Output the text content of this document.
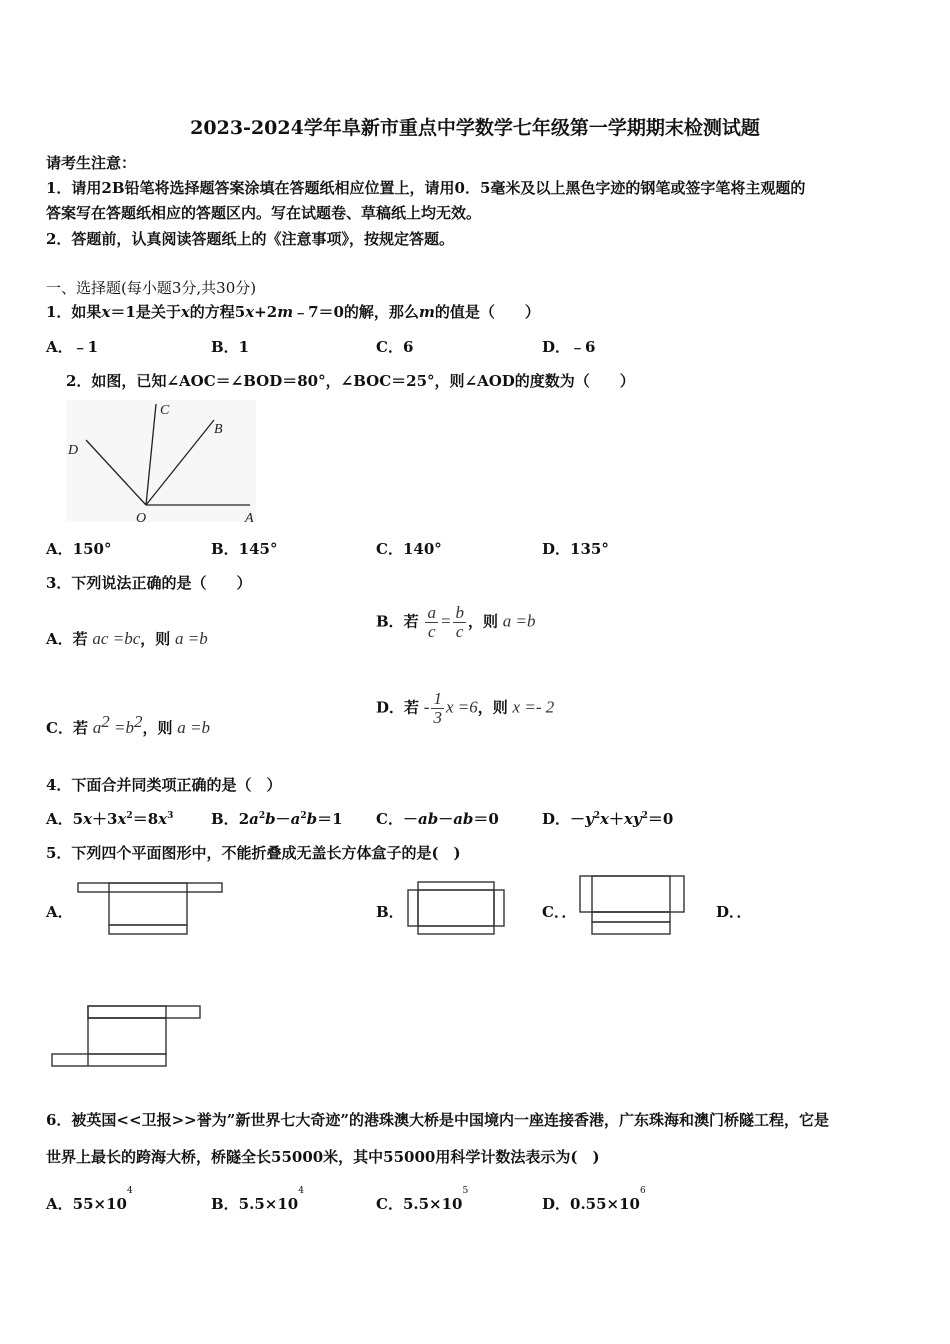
2023-2024学年阜新市重点中学数学七年级第一学期期末检测试题
请考生注意：
1．请用2B铅笔将选择题答案涂填在答题纸相应位置上，请用0．5毫米及以上黑色字迹的钢笔或签字笔将主观题的
答案写在答题纸相应的答题区内。写在试题卷、草稿纸上均无效。
2．答题前，认真阅读答题纸上的《注意事项》，按规定答题。
一、选择题(每小题3分,共30分)
1．如果x＝1是关于x的方程5x+2m﹣7＝0的解，那么m的值是（　　）
A．﹣1	B．1	C．6	D．﹣6
2．如图，已知∠AOC＝∠BOD＝80°，∠BOC＝25°，则∠AOD的度数为（　　）
C
B
D
O	A
A．150°	B．145°	C．140°	D．135°
3．下列说法正确的是（　　）
A．若 ac =bc，则 a =b
B．若 $\frac{a}{c} = \frac{b}{c}$ ，则 a =b
C．若 $a^2 =b^2$，则 a =b
D．若 - $\frac{1}{3}$ x =6，则 x =- 2
4．下面合并同类项正确的是（　）
A．$5x+3x^2=8x^3$	B．$2a^2b-a^2b=1$ C．－ab－ab＝0	D．$-y^2x+xy^2=0$
5．下列四个平面图形中，不能折叠成无盖长方体盒子的是(　)
A．	B．	C．．	D．．
6．被英国<<卫报>>誉为”新世界七大奇迹”的港珠澳大桥是中国境内一座连接香港，广东珠海和澳门桥隧工程，它是
世界上最长的跨海大桥，桥隧全长55000米，其中55000用科学计数法表示为(　)
A．$55\times 10^4$
B．$5.5\times 10^4$
C．$5.5\times 10^5$
D．$0.55\times 10^6$
